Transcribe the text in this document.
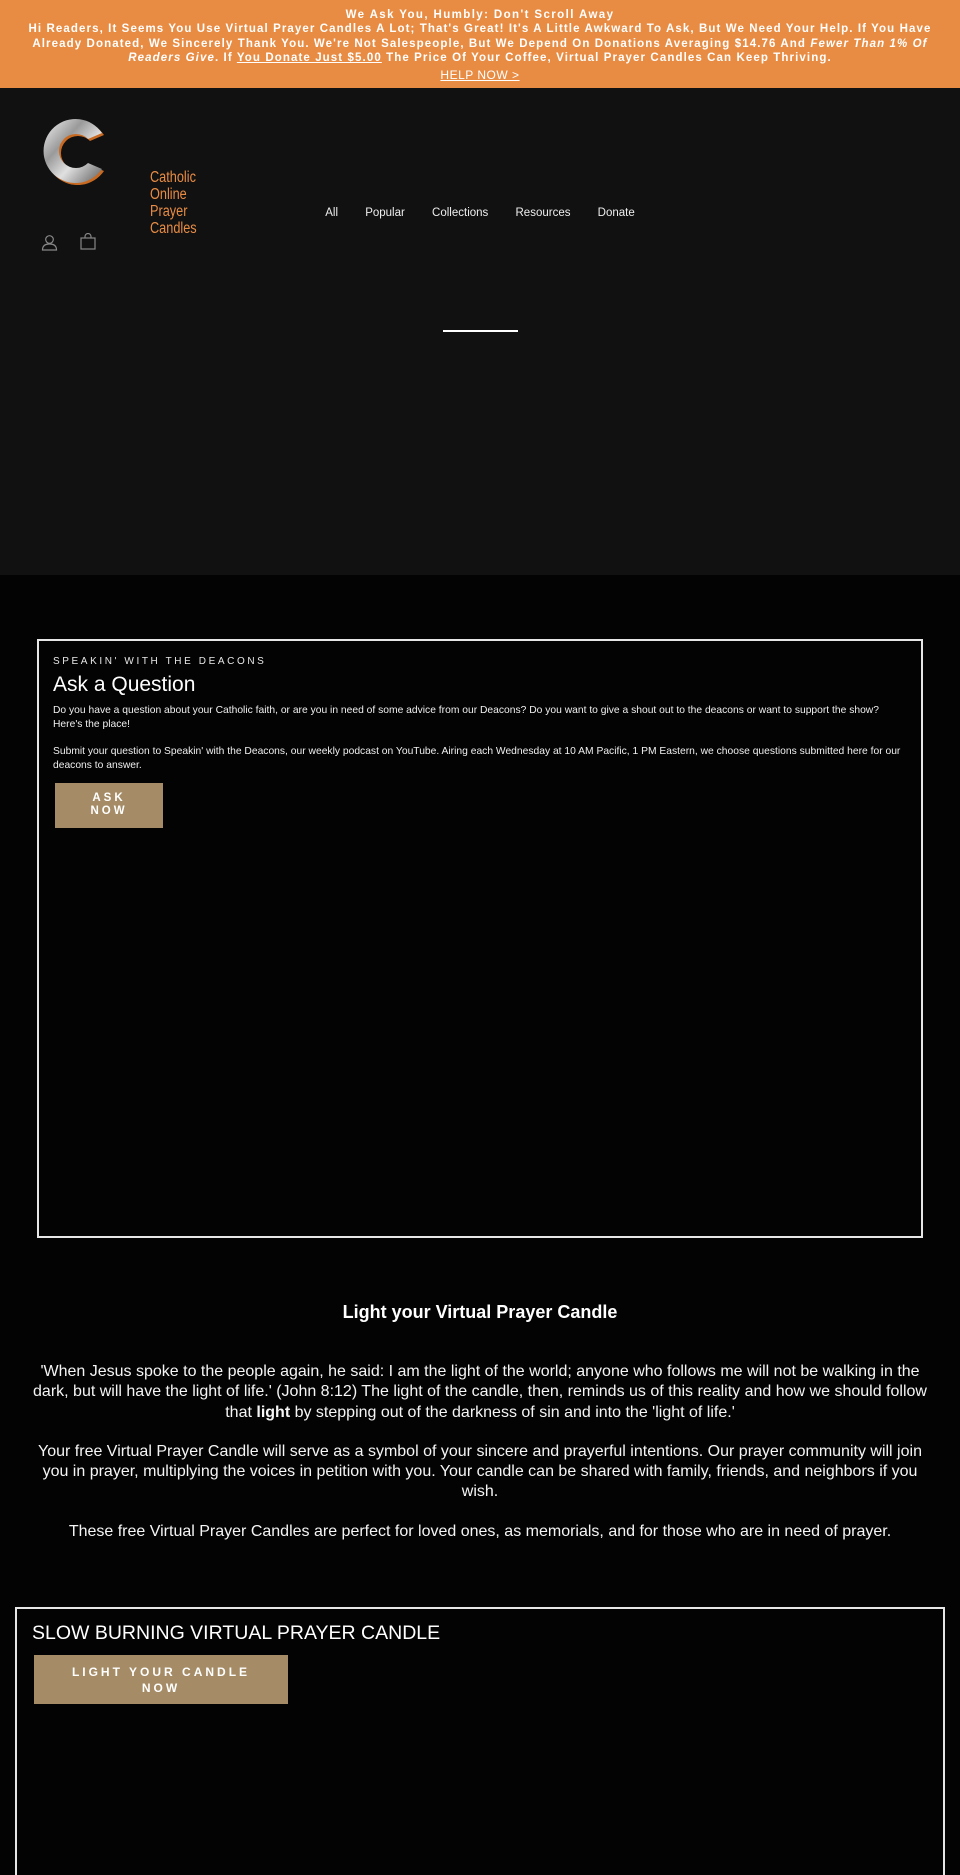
We Ask You, Humbly: Don't Scroll Away
Hi Readers, It Seems You Use Virtual Prayer Candles A Lot; That's Great! It's A Little Awkward To Ask, But We Need Your Help. If You Have Already Donated, We Sincerely Thank You. We're Not Salespeople, But We Depend On Donations Averaging $14.76 And Fewer Than 1% Of Readers Give. If You Donate Just $5.00 The Price Of Your Coffee, Virtual Prayer Candles Can Keep Thriving.
HELP NOW >
Catholic Online
Prayer Candles
All Popular Collections Resources Donate
SPEAKIN' WITH THE DEACONS
Ask a Question

Do you have a question about your Catholic faith, or are you in need of some advice from our Deacons? Do you want to give a shout out to the deacons or want to support the show? Here's the place!

Submit your question to Speakin' with the Deacons, our weekly podcast on YouTube. Airing each Wednesday at 10 AM Pacific, 1 PM Eastern, we choose questions submitted here for our deacons to answer.

ASK
NOW
Light your Virtual Prayer Candle

'When Jesus spoke to the people again, he said: I am the light of the world; anyone who follows me will not be walking in the dark, but will have the light of life.' (John 8:12) The light of the candle, then, reminds us of this reality and how we should follow that light by stepping out of the darkness of sin and into the 'light of life.'

Your free Virtual Prayer Candle will serve as a symbol of your sincere and prayerful intentions. Our prayer community will join you in prayer, multiplying the voices in petition with you. Your candle can be shared with family, friends, and neighbors if you wish.

These free Virtual Prayer Candles are perfect for loved ones, as memorials, and for those who are in need of prayer.

SLOW BURNING VIRTUAL PRAYER CANDLE
LIGHT YOUR CANDLE
NOW
